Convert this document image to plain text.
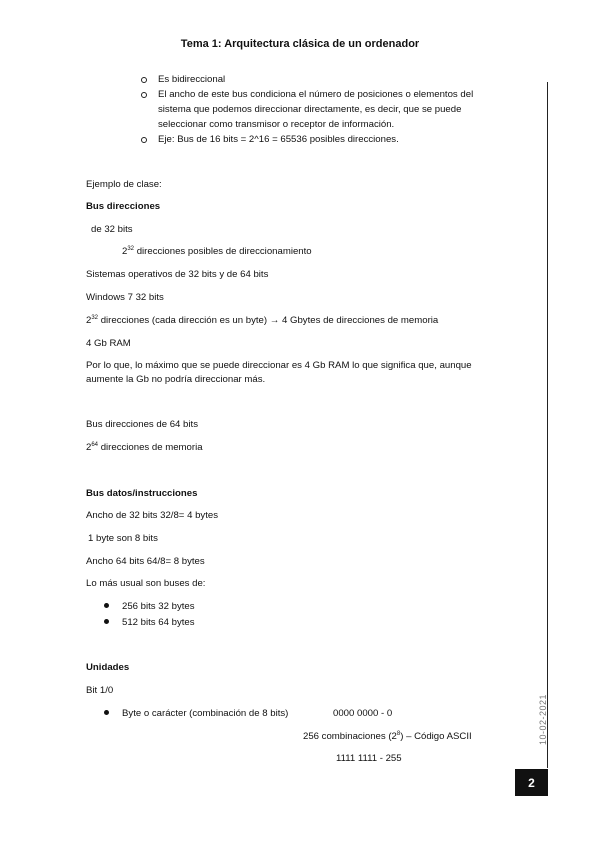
Tema 1: Arquitectura clásica de un ordenador
Es bidireccional
El ancho de este bus condiciona el número de posiciones o elementos del
sistema que podemos direccionar directamente, es decir, que se puede
seleccionar como transmisor o receptor de información.
Eje: Bus de 16 bits = 2^16 = 65536 posibles direcciones.
Ejemplo de clase:
Bus direcciones
de 32 bits
$2^{32}$ direcciones posibles de direccionamiento
Sistemas operativos de 32 bits y de 64 bits
Windows 7 32 bits
$2^{32}$ direcciones (cada dirección es un byte) → 4 Gbytes de direcciones de memoria
4 Gb RAM
Por lo que, lo máximo que se puede direccionar es 4 Gb RAM lo que significa que, aunque
aumente la Gb no podría direccionar más.
Bus direcciones de 64 bits
$2^{64}$ direcciones de memoria
Bus datos/instrucciones
Ancho de 32 bits 32/8= 4 bytes
1 byte son 8 bits
Ancho 64 bits 64/8= 8 bytes
Lo más usual son buses de:
256 bits 32 bytes
512 bits 64 bytes
Unidades
Bit 1/0
Byte o carácter (combinación de 8 bits)	0000 0000 - 0
256 combinaciones $(2^8)$ – Código ASCII
1111 1111 - 255
10-02-2021
2
